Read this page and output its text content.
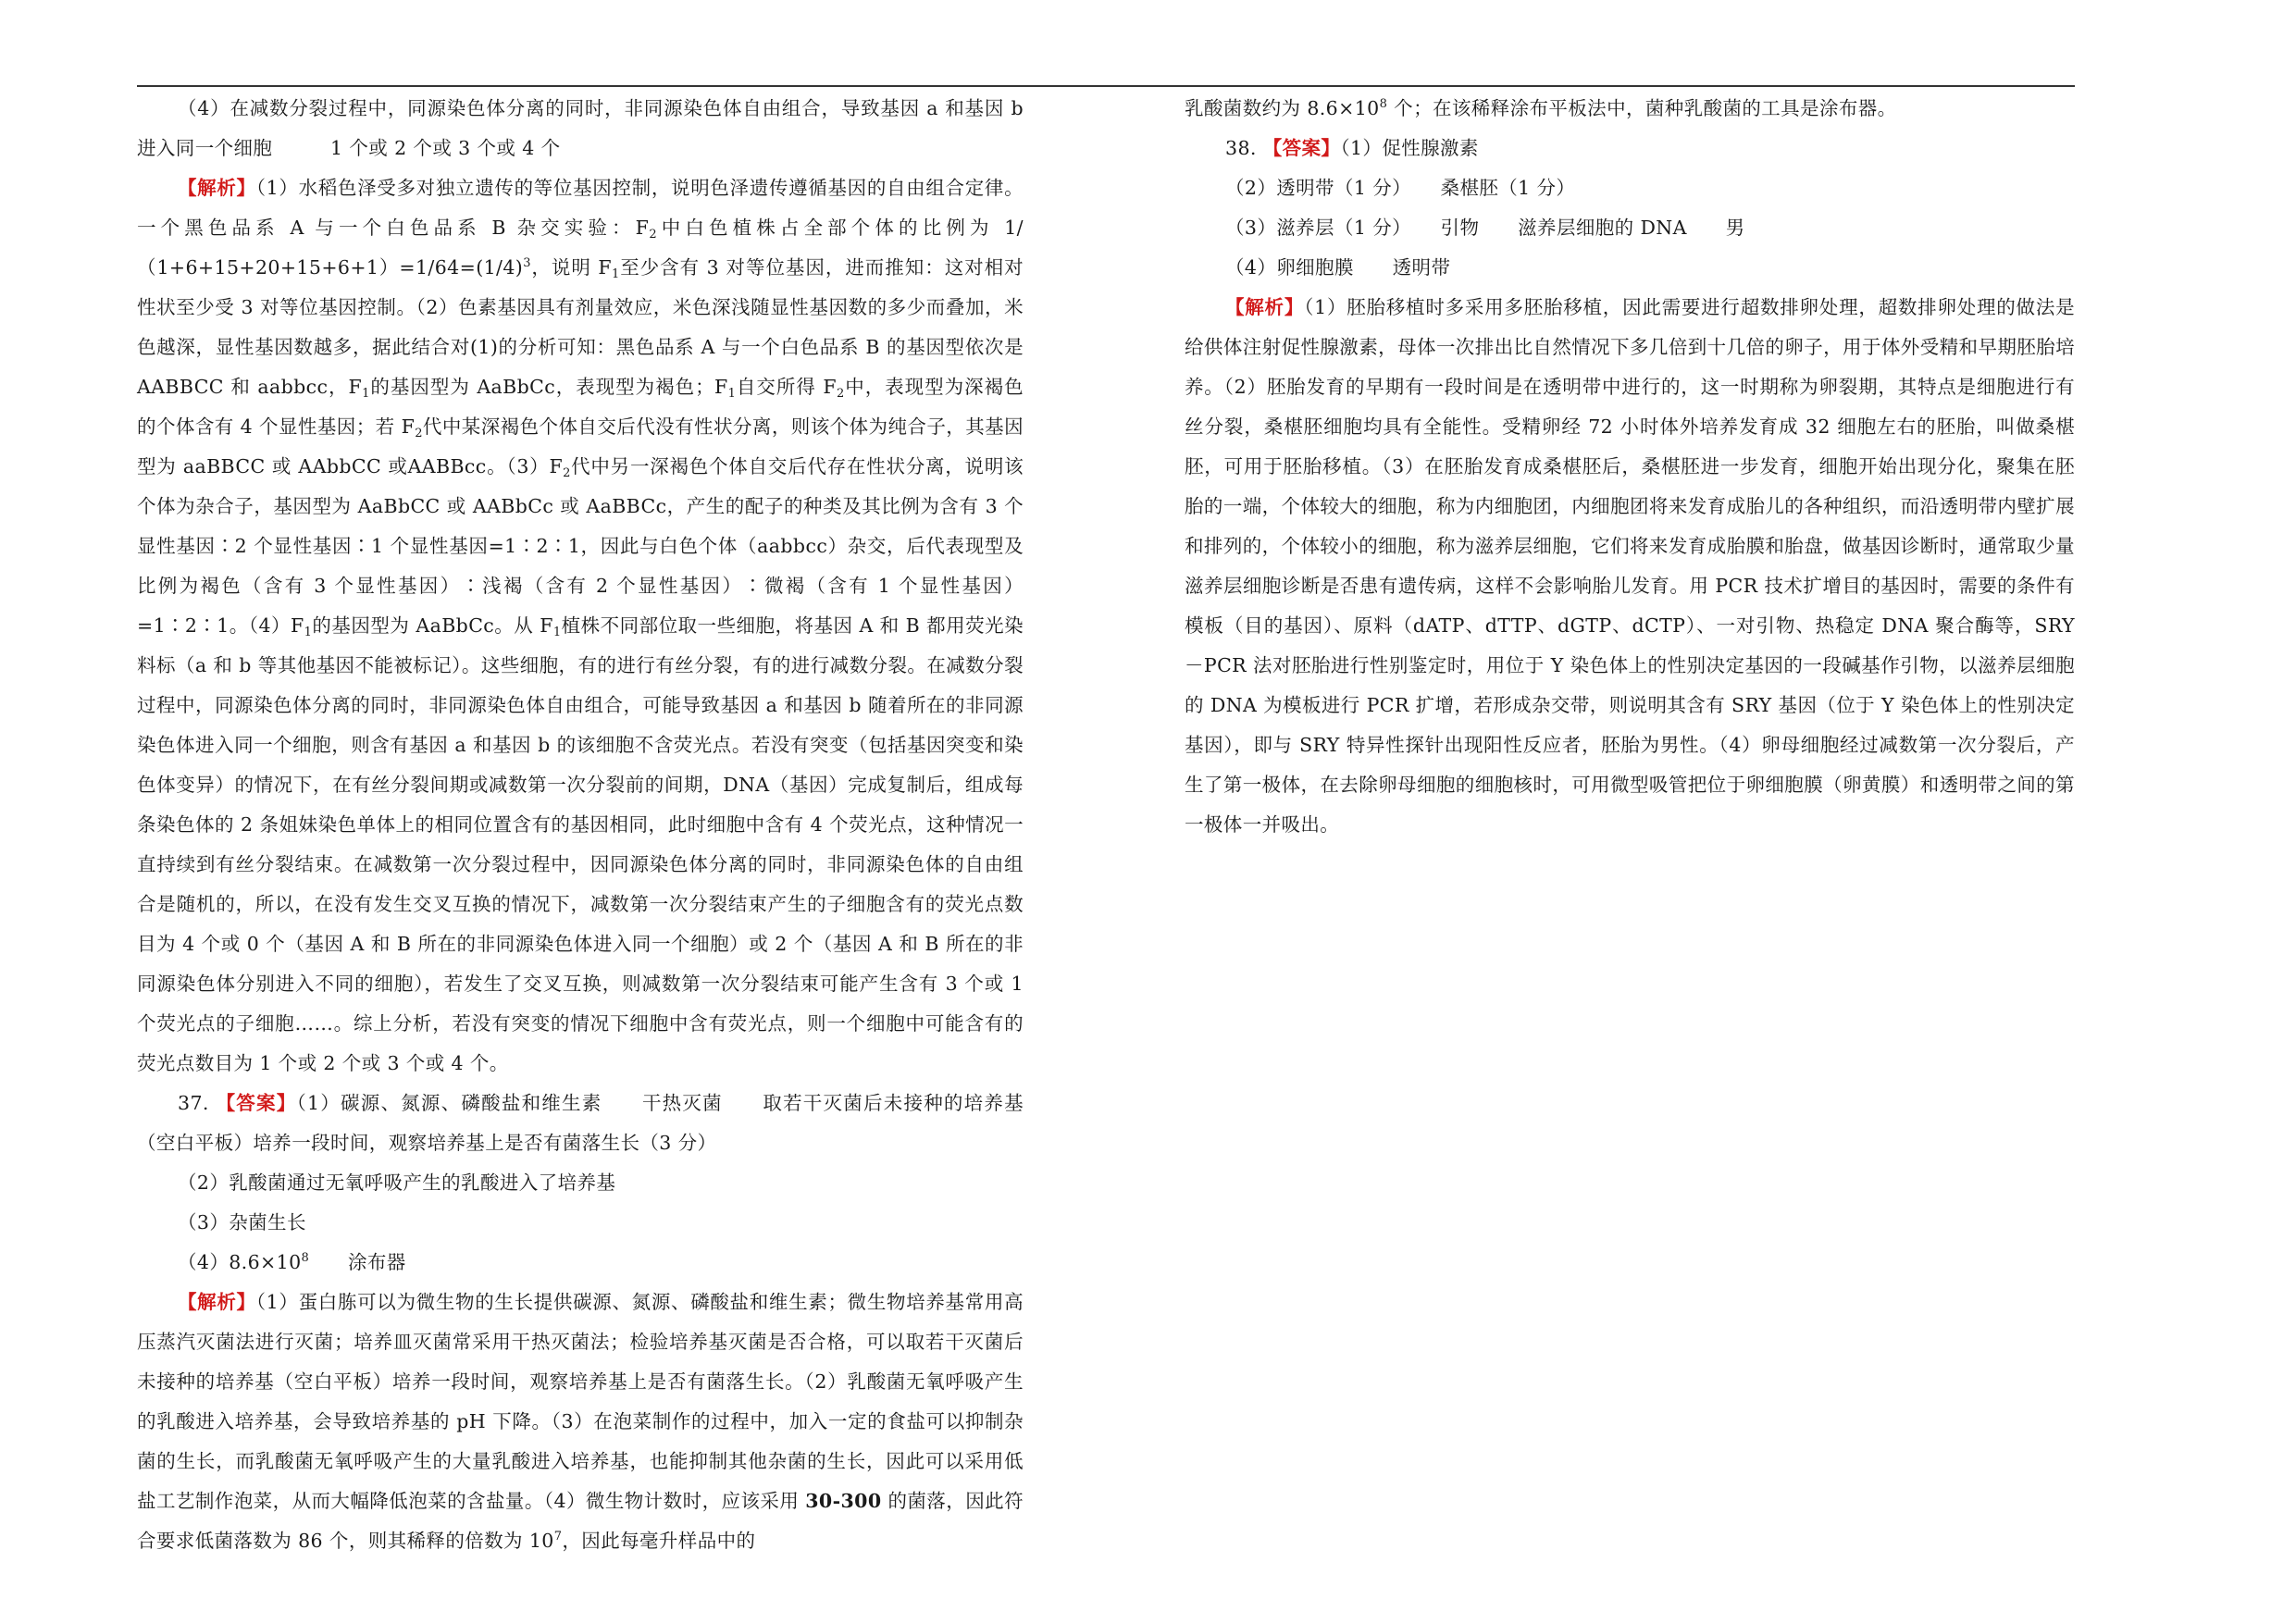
（4）在减数分裂过程中，同源染色体分离的同时，非同源染色体自由组合，导致基因 a 和基因 b 进入同一个细胞　　　1 个或 2 个或 3 个或 4 个

【解析】（1）水稻色泽受多对独立遗传的等位基因控制，说明色泽遗传遵循基因的自由组合定律。一个黑色品系 A 与一个白色品系 B 杂交实验：$F_2$中白色植株占全部个体的比例为 $1/(1+6+15+20+15+6+1)=1/64=(1/4)^3$，说明 $F_1$至少含有 3 对等位基因，进而推知：这对相对性状至少受 3 对等位基因控制。（2）色素基因具有剂量效应，米色深浅随显性基因数的多少而叠加，米色越深，显性基因数越多，据此结合对(1)的分析可知：黑色品系 A 与一个白色品系 B 的基因型依次是 AABBCC 和 aabbcc，$F_1$的基因型为 AaBbCc，表现型为褐色；$F_1$自交所得 $F_2$中，表现型为深褐色的个体含有 4 个显性基因；若 $F_2$代中某深褐色个体自交后代没有性状分离，则该个体为纯合子，其基因型为 aaBBCC 或 AAbbCC 或AABBcc。$(3)F_2$代中另一深褐色个体自交后代存在性状分离，说明该个体为杂合子，基因型为 AaBbCC 或 AABbCc 或 AaBBCc，产生的配子的种类及其比例为含有 3 个显性基因∶2 个显性基因∶1 个显性基因=1∶2∶1，因此与白色个体（aabbcc）杂交，后代表现型及比例为褐色（含有 3 个显性基因）∶浅褐（含有 2 个显性基因）∶微褐（含有 1 个显性基因）=1∶2∶1。$(4)F_1$的基因型为 AaBbCc。从 $F_1$植株不同部位取一些细胞，将基因 A 和 B 都用荧光染料标（a 和 b 等其他基因不能被标记）。这些细胞，有的进行有丝分裂，有的进行减数分裂。在减数分裂过程中，同源染色体分离的同时，非同源染色体自由组合，可能导致基因 a 和基因 b 随着所在的非同源染色体进入同一个细胞，则含有基因 a 和基因 b 的该细胞不含荧光点。若没有突变（包括基因突变和染色体变异）的情况下，在有丝分裂间期或减数第一次分裂前的间期，DNA（基因）完成复制后，组成每条染色体的 2 条姐妹染色单体上的相同位置含有的基因相同，此时细胞中含有 4 个荧光点，这种情况一直持续到有丝分裂结束。在减数第一次分裂过程中，因同源染色体分离的同时，非同源染色体的自由组合是随机的，所以，在没有发生交叉互换的情况下，减数第一次分裂结束产生的子细胞含有的荧光点数目为 4 个或 0 个（基因 A 和 B 所在的非同源染色体进入同一个细胞）或 2 个（基因 A 和 B 所在的非同源染色体分别进入不同的细胞），若发生了交叉互换，则减数第一次分裂结束可能产生含有 3 个或 1 个荧光点的子细胞……。综上分析，若没有突变的情况下细胞中含有荧光点，则一个细胞中可能含有的荧光点数目为 1 个或 2 个或 3 个或 4 个。

37. 【答案】（1）碳源、氮源、磷酸盐和维生素　　干热灭菌　　取若干灭菌后未接种的培养基（空白平板）培养一段时间，观察培养基上是否有菌落生长（3 分）

（2）乳酸菌通过无氧呼吸产生的乳酸进入了培养基

（3）杂菌生长

$(4)8.6\times 10^8$　　涂布器

【解析】（1）蛋白胨可以为微生物的生长提供碳源、氮源、磷酸盐和维生素；微生物培养基常用高压蒸汽灭菌法进行灭菌；培养皿灭菌常采用干热灭菌法；检验培养基灭菌是否合格，可以取若干灭菌后未接种的培养基（空白平板）培养一段时间，观察培养基上是否有菌落生长。（2）乳酸菌无氧呼吸产生的乳酸进入培养基，会导致培养基的 pH 下降。（3）在泡菜制作的过程中，加入一定的食盐可以抑制杂菌的生长，而乳酸菌无氧呼吸产生的大量乳酸进入培养基，也能抑制其他杂菌的生长，因此可以采用低盐工艺制作泡菜，从而大幅降低泡菜的含盐量。（4）微生物计数时，应该采用 30-300 的菌落，因此符合要求低菌落数为 86 个，则其稀释的倍数为 $10^7$，因此每毫升样品中的

乳酸菌数约为 $8.6\times 10^8$ 个；在该稀释涂布平板法中，菌种乳酸菌的工具是涂布器。

38. 【答案】（1）促性腺激素

（2）透明带（1 分）　　桑椹胚（1 分）

（3）滋养层（1 分）　　引物　　滋养层细胞的 DNA　　男

（4）卵细胞膜　　透明带

【解析】（1）胚胎移植时多采用多胚胎移植，因此需要进行超数排卵处理，超数排卵处理的做法是给供体注射促性腺激素，母体一次排出比自然情况下多几倍到十几倍的卵子，用于体外受精和早期胚胎培养。（2）胚胎发育的早期有一段时间是在透明带中进行的，这一时期称为卵裂期，其特点是细胞进行有丝分裂，桑椹胚细胞均具有全能性。受精卵经 72 小时体外培养发育成 32 细胞左右的胚胎，叫做桑椹胚，可用于胚胎移植。（3）在胚胎发育成桑椹胚后，桑椹胚进一步发育，细胞开始出现分化，聚集在胚胎的一端，个体较大的细胞，称为内细胞团，内细胞团将来发育成胎儿的各种组织，而沿透明带内壁扩展和排列的，个体较小的细胞，称为滋养层细胞，它们将来发育成胎膜和胎盘，做基因诊断时，通常取少量滋养层细胞诊断是否患有遗传病，这样不会影响胎儿发育。用 PCR 技术扩增目的基因时，需要的条件有模板（目的基因）、原料（dATP、dTTP、dGTP、dCTP）、一对引物、热稳定 DNA 聚合酶等，SRY－PCR 法对胚胎进行性别鉴定时，用位于 Y 染色体上的性别决定基因的一段碱基作引物，以滋养层细胞的 DNA 为模板进行 PCR 扩增，若形成杂交带，则说明其含有 SRY 基因（位于 Y 染色体上的性别决定基因），即与 SRY 特异性探针出现阳性反应者，胚胎为男性。（4）卵母细胞经过减数第一次分裂后，产生了第一极体，在去除卵母细胞的细胞核时，可用微型吸管把位于卵细胞膜（卵黄膜）和透明带之间的第一极体一并吸出。
